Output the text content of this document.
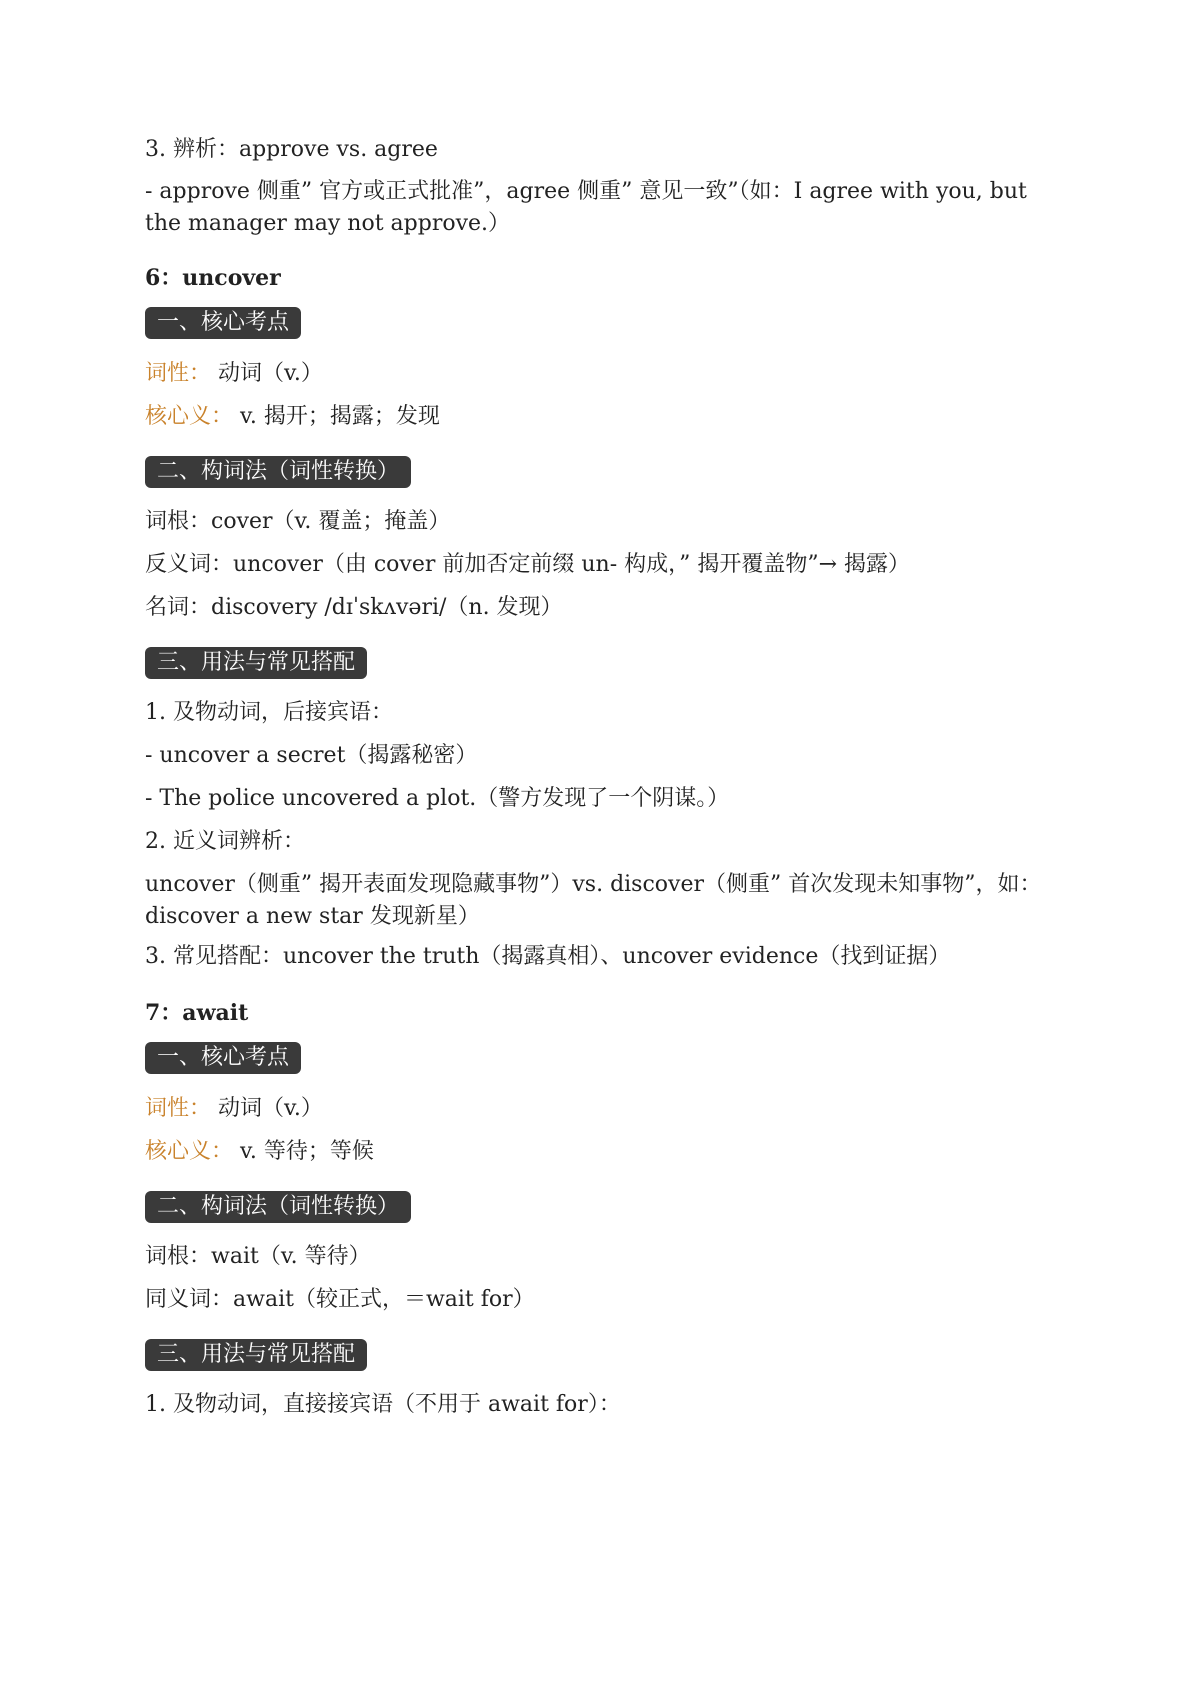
3. 辨析：approve vs. agree
- approve 侧重” 官方或正式批准”，agree 侧重” 意见一致”（如：I agree with you, but the manager may not approve.）
6：uncover
一、核心考点
词性： 动词（v.）
核心义： v. 揭开；揭露；发现
二、构词法（词性转换）
词根：cover（v. 覆盖；掩盖）
反义词：uncover（由 cover 前加否定前缀 un- 构成，” 揭开覆盖物”→ 揭露）
名词：discovery /dɪˈskʌvəri/（n. 发现）
三、用法与常见搭配
1. 及物动词，后接宾语：
- uncover a secret（揭露秘密）
- The police uncovered a plot.（警方发现了一个阴谋。）
2. 近义词辨析：
uncover（侧重” 揭开表面发现隐藏事物”）vs. discover（侧重” 首次发现未知事物”，如：discover a new star 发现新星）
3. 常见搭配：uncover the truth（揭露真相）、uncover evidence（找到证据）
7：await
一、核心考点
词性： 动词（v.）
核心义： v. 等待；等候
二、构词法（词性转换）
词根：wait（v. 等待）
同义词：await（较正式，＝wait for）
三、用法与常见搭配
1. 及物动词，直接接宾语（不用于 await for）：
